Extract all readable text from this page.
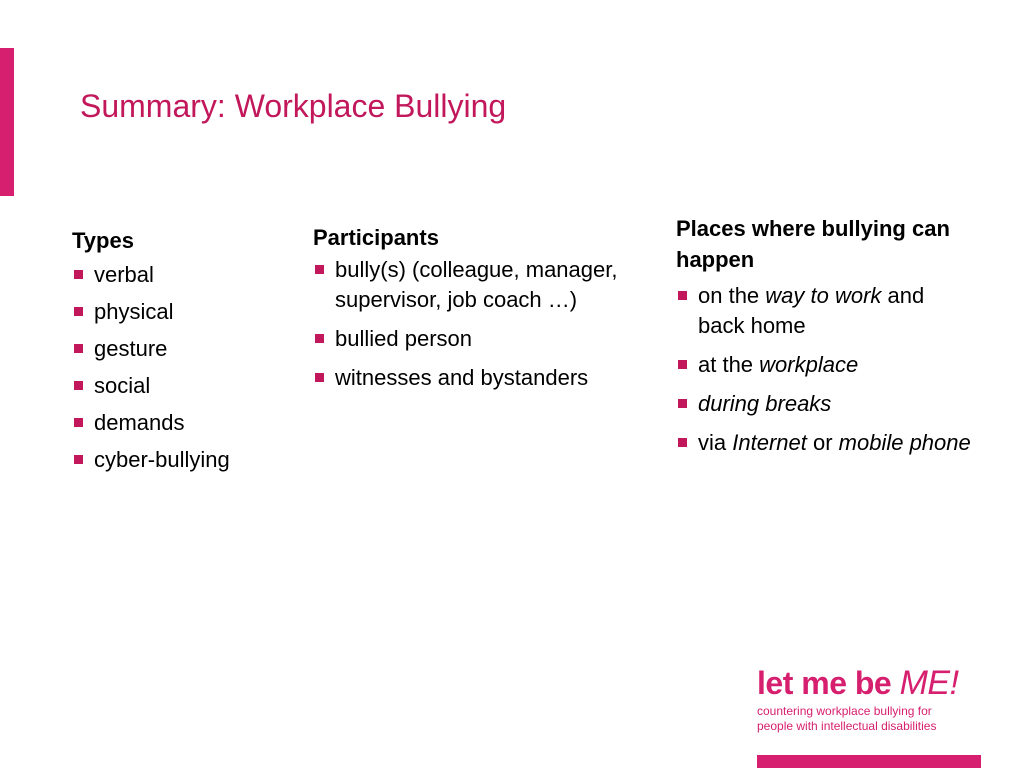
Summary: Workplace Bullying
Types
verbal
physical
gesture
social
demands
cyber-bullying
Participants
bully(s) (colleague, manager, supervisor, job coach …)
bullied person
witnesses and bystanders
Places where bullying can happen
on the way to work and back home
at the workplace
during breaks
via Internet or mobile phone
let me be ME!
countering workplace bullying for
people with intellectual disabilities
